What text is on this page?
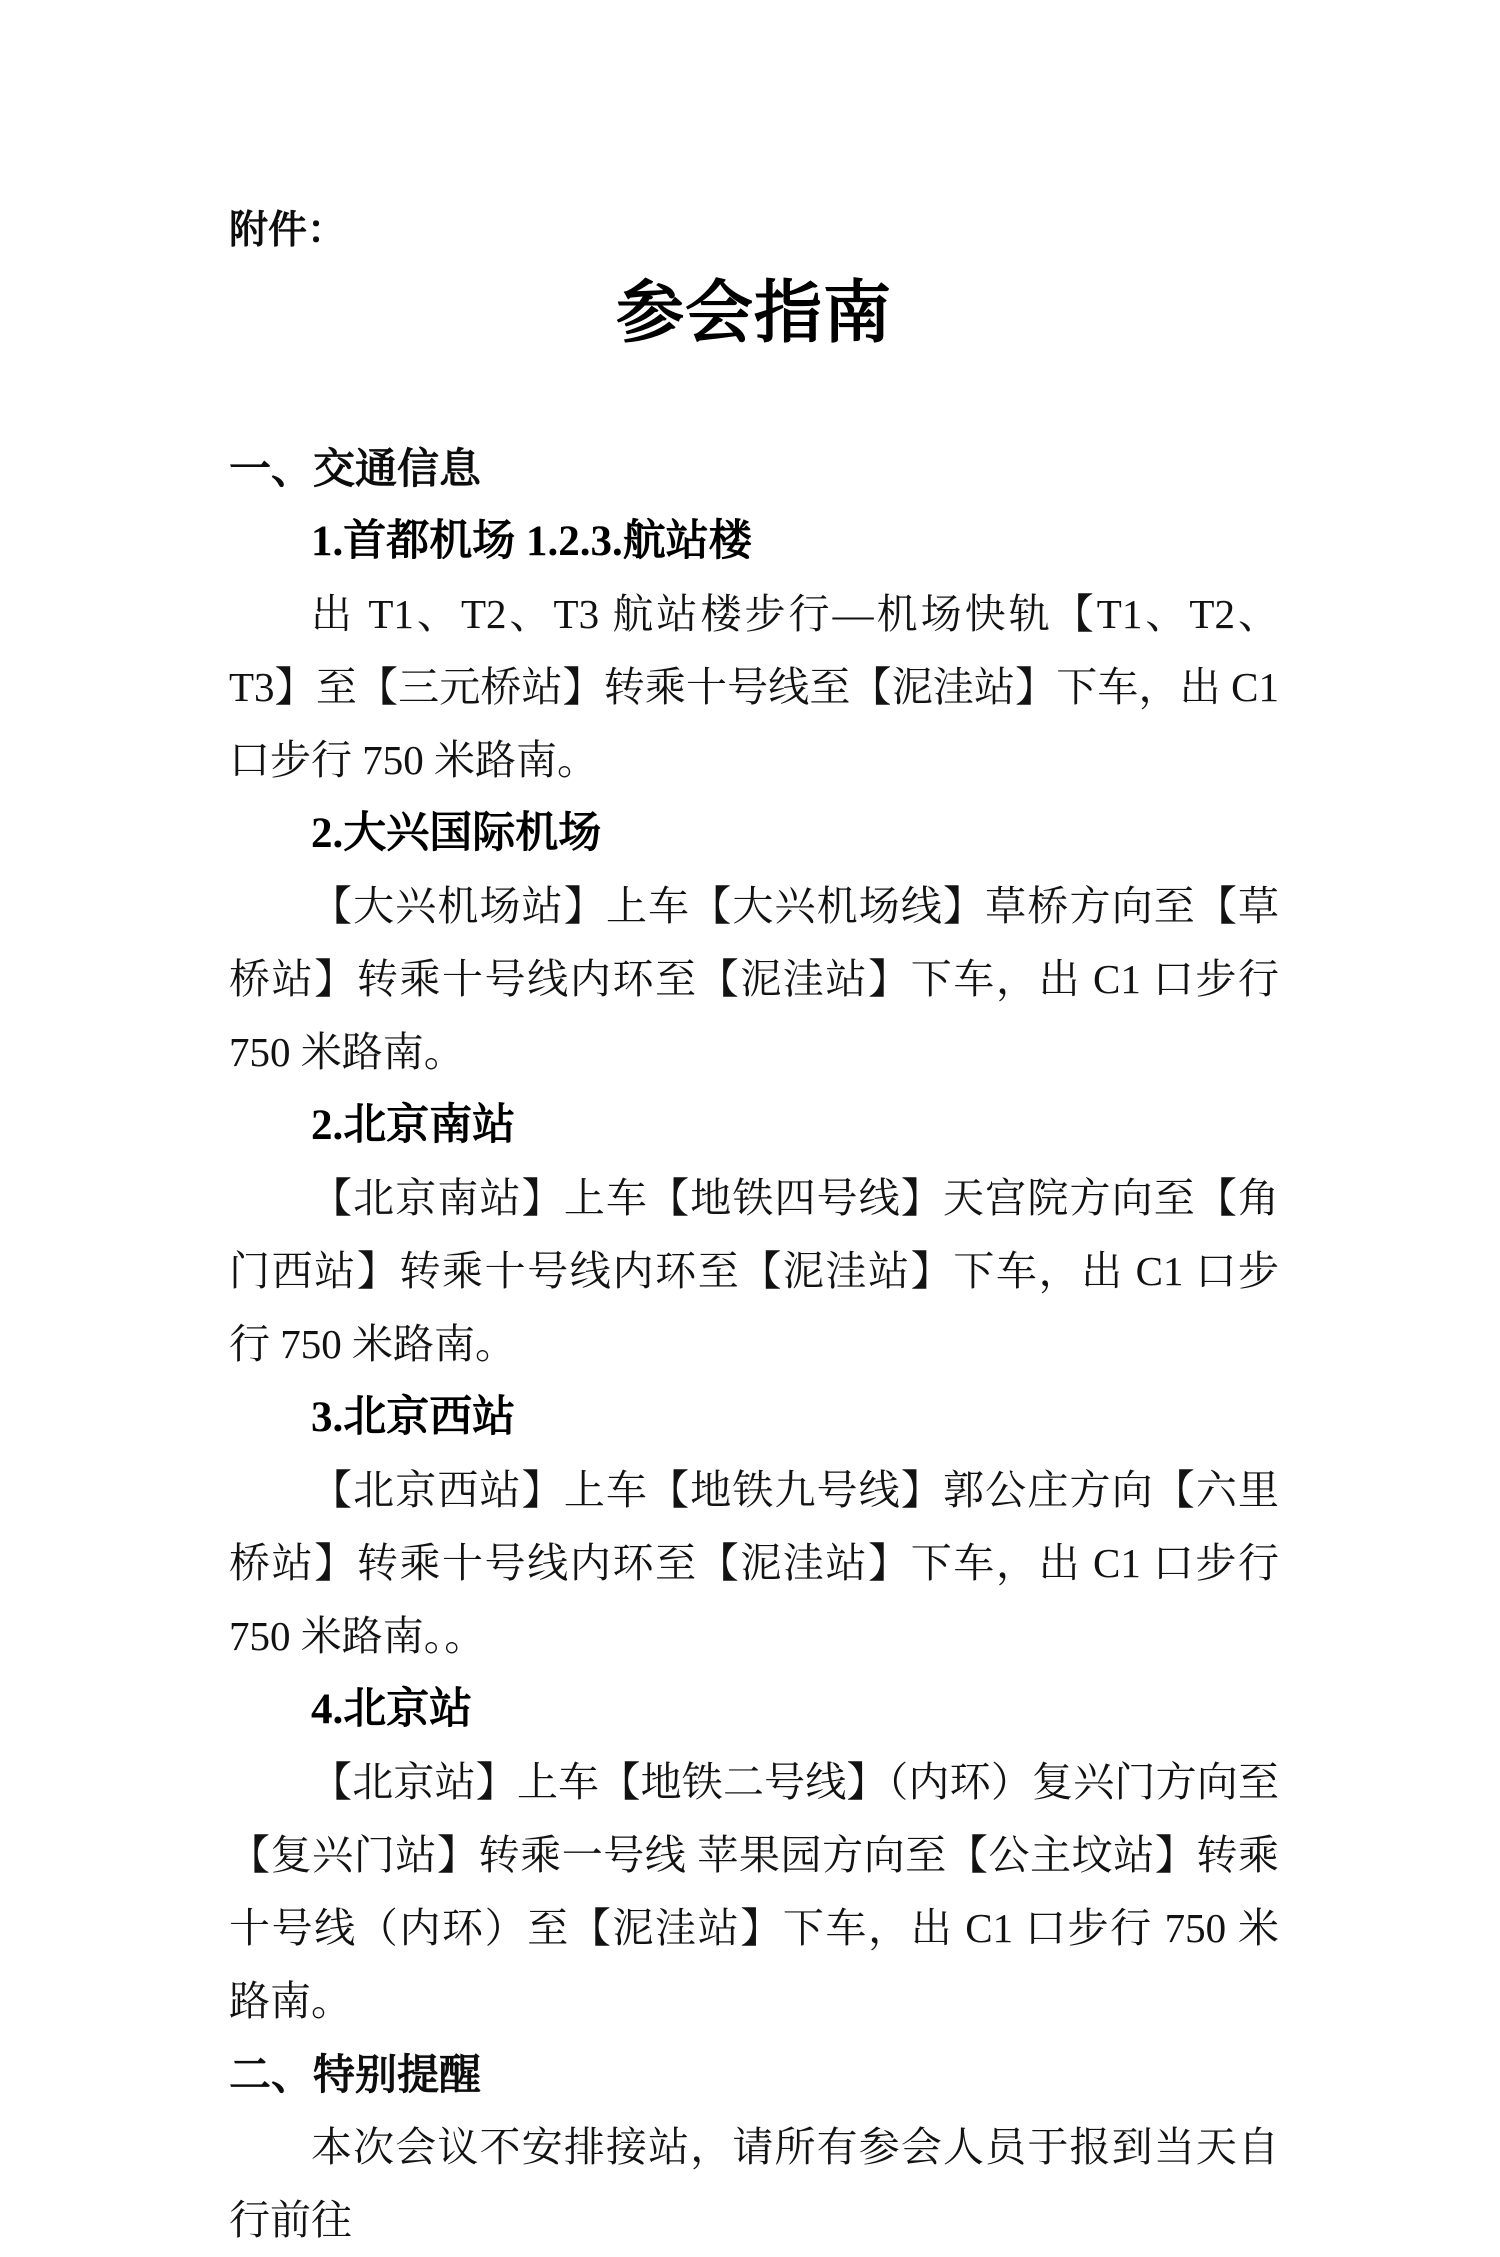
附件：
参会指南
一、交通信息
1.首都机场 1.2.3.航站楼

出 T1、T2、T3 航站楼步行—机场快轨【T1、T2、T3】至【三元桥站】转乘十号线至【泥洼站】下车，出 C1 口步行 750 米路南。

2.大兴国际机场

【大兴机场站】上车【大兴机场线】草桥方向至【草桥站】转乘十号线内环至【泥洼站】下车，出 C1 口步行 750 米路南。

2.北京南站

【北京南站】上车【地铁四号线】天宫院方向至【角门西站】转乘十号线内环至【泥洼站】下车，出 C1 口步行 750 米路南。

3.北京西站

【北京西站】上车【地铁九号线】郭公庄方向【六里桥站】转乘十号线内环至【泥洼站】下车，出 C1 口步行 750 米路南。。

4.北京站

【北京站】上车【地铁二号线】（内环）复兴门方向至【复兴门站】转乘一号线 苹果园方向至【公主坟站】转乘十号线（内环）至【泥洼站】下车，出 C1 口步行 750 米路南。

二、特别提醒

本次会议不安排接站，请所有参会人员于报到当天自行前往
